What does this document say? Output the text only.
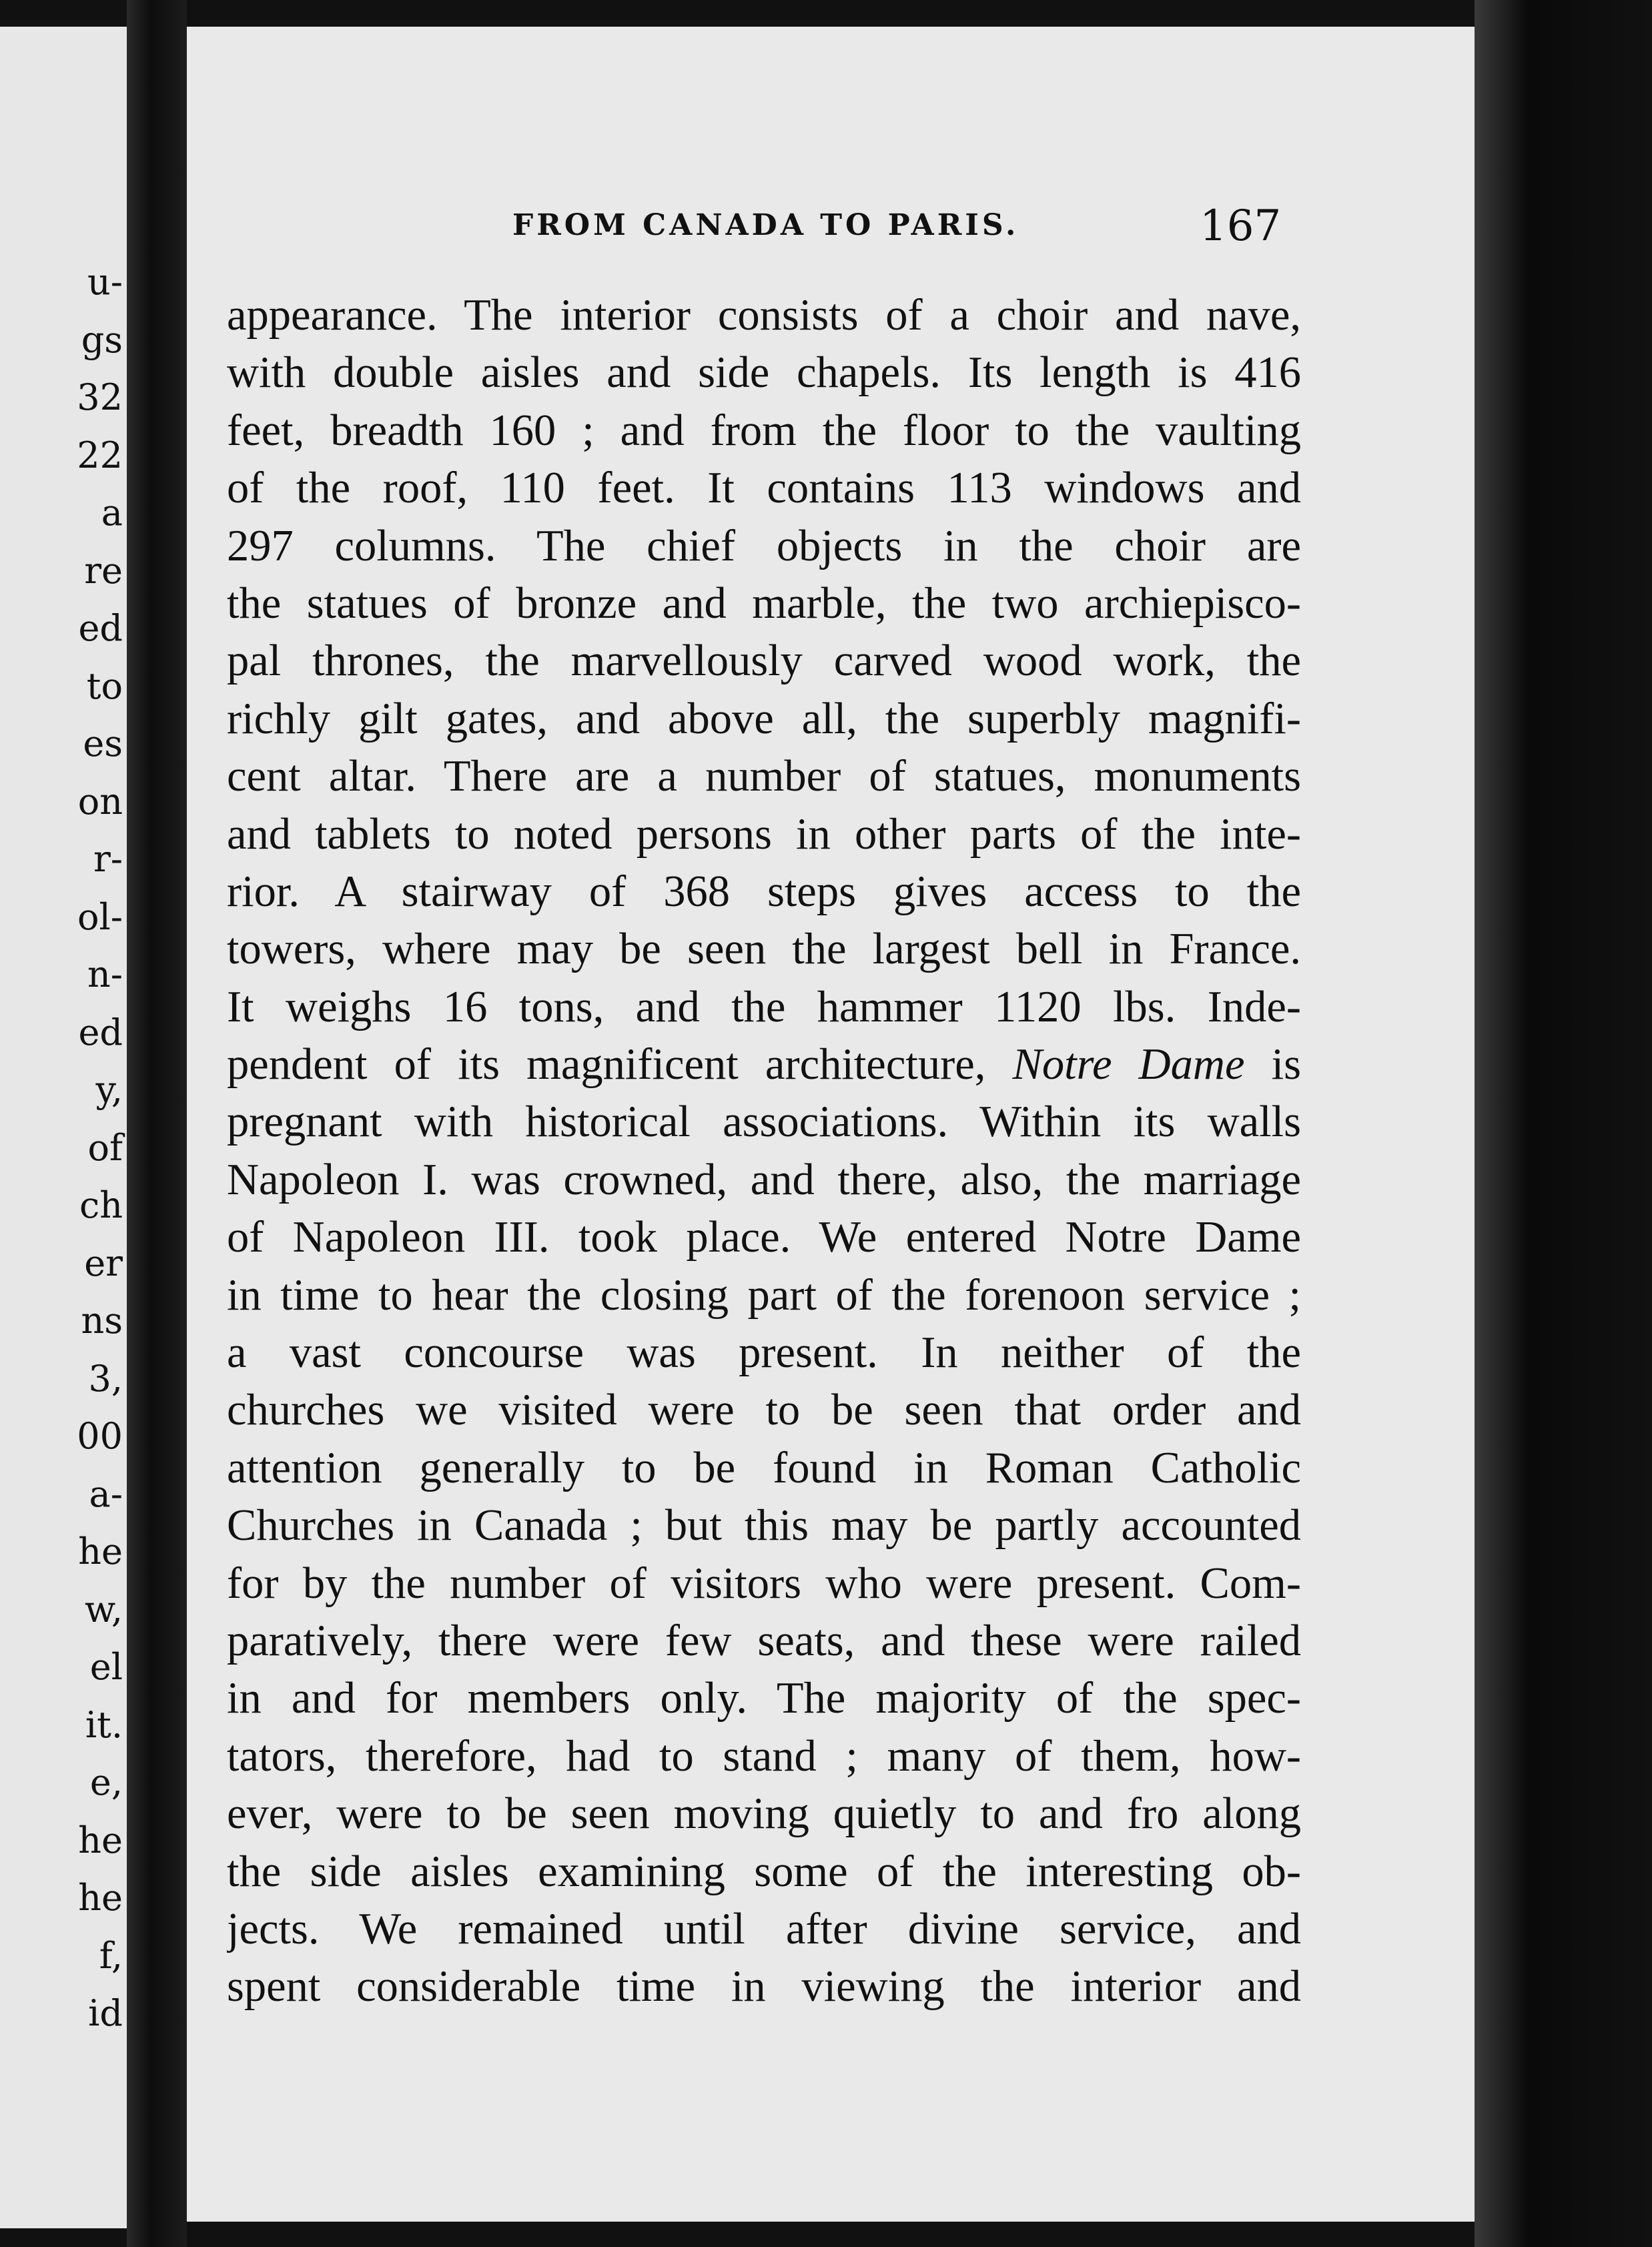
u-
gs
32
22
a
re
ed
to
es
on
r-
ol-
n-
ed
y,
of
ch
er
ns
3,
00
a-
he
w,
el
it.
e,
he
he
f,
id
FROM CANADA TO PARIS.	167
appearance. The interior consists of a choir and nave,
with double aisles and side chapels. Its length is 416
feet, breadth 160 ; and from the floor to the vaulting
of the roof, 110 feet. It contains 113 windows and
297 columns. The chief objects in the choir are
the statues of bronze and marble, the two archiepisco-
pal thrones, the marvellously carved wood work, the
richly gilt gates, and above all, the superbly magnifi-
cent altar. There are a number of statues, monuments
and tablets to noted persons in other parts of the inte-
rior. A stairway of 368 steps gives access to the
towers, where may be seen the largest bell in France.
It weighs 16 tons, and the hammer 1120 lbs. Inde-
pendent of its magnificent architecture, Notre Dame is
pregnant with historical associations. Within its walls
Napoleon I. was crowned, and there, also, the marriage
of Napoleon III. took place. We entered Notre Dame
in time to hear the closing part of the forenoon service ;
a vast concourse was present. In neither of the
churches we visited were to be seen that order and
attention generally to be found in Roman Catholic
Churches in Canada ; but this may be partly accounted
for by the number of visitors who were present. Com-
paratively, there were few seats, and these were railed
in and for members only. The majority of the spec-
tators, therefore, had to stand ; many of them, how-
ever, were to be seen moving quietly to and fro along
the side aisles examining some of the interesting ob-
jects. We remained until after divine service, and
spent considerable time in viewing the interior and
